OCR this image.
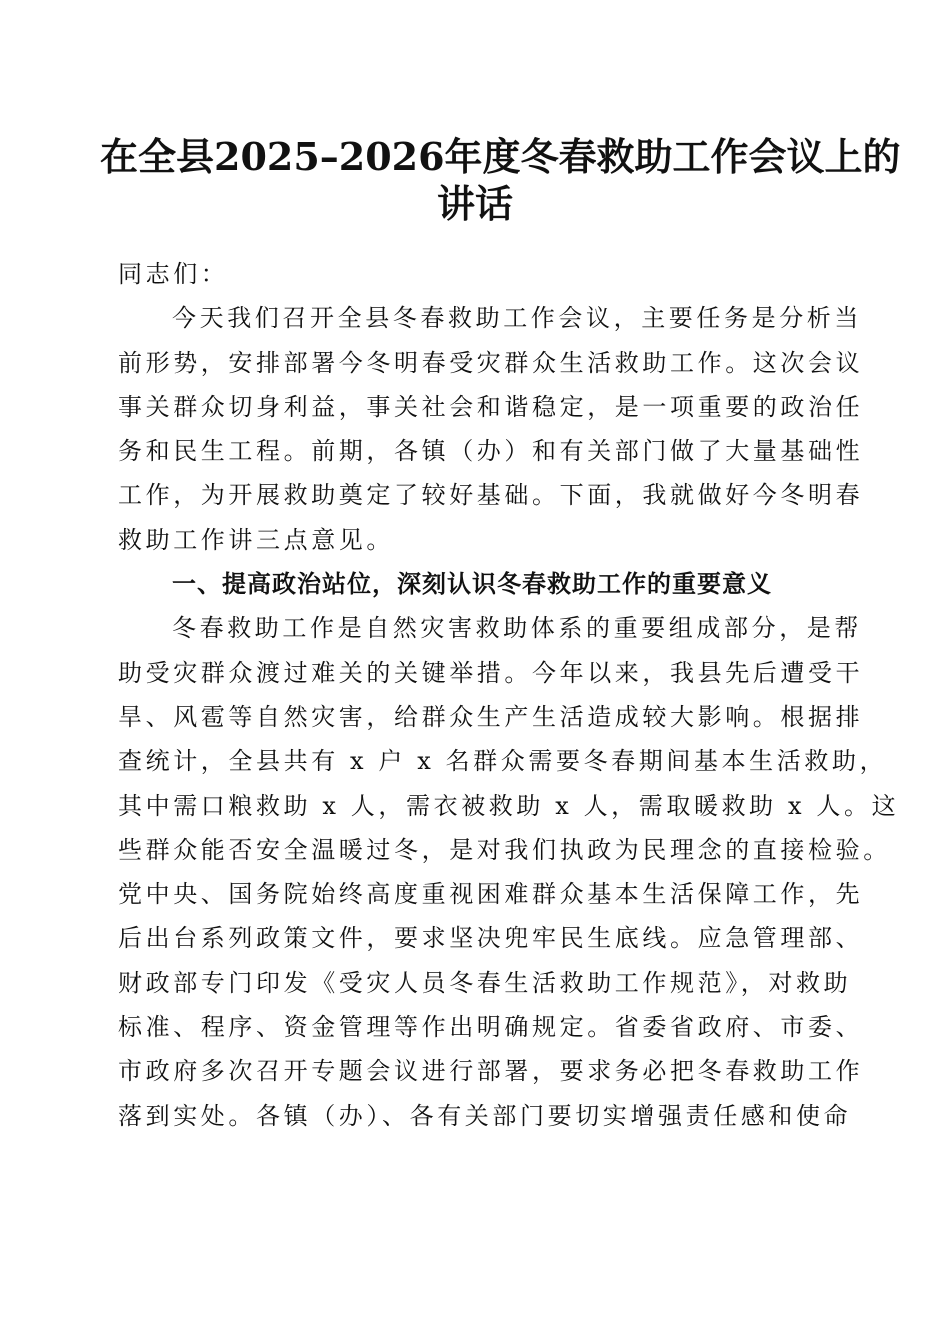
在全县2025–2026年度冬春救助工作会议上的
讲话
同志们：
今天我们召开全县冬春救助工作会议，主要任务是分析当
前形势，安排部署今冬明春受灾群众生活救助工作。这次会议
事关群众切身利益，事关社会和谐稳定，是一项重要的政治任
务和民生工程。前期，各镇（办）和有关部门做了大量基础性
工作，为开展救助奠定了较好基础。下面，我就做好今冬明春
救助工作讲三点意见。
一、提高政治站位，深刻认识冬春救助工作的重要意义
冬春救助工作是自然灾害救助体系的重要组成部分，是帮
助受灾群众渡过难关的关键举措。今年以来，我县先后遭受干
旱、风雹等自然灾害，给群众生产生活造成较大影响。根据排
查统计，全县共有 x 户 x 名群众需要冬春期间基本生活救助，
其中需口粮救助 x 人，需衣被救助 x 人，需取暖救助 x 人。这
些群众能否安全温暖过冬，是对我们执政为民理念的直接检验。
党中央、国务院始终高度重视困难群众基本生活保障工作，先
后出台系列政策文件，要求坚决兜牢民生底线。应急管理部、
财政部专门印发《受灾人员冬春生活救助工作规范》，对救助
标准、程序、资金管理等作出明确规定。省委省政府、市委、
市政府多次召开专题会议进行部署，要求务必把冬春救助工作
落到实处。各镇（办）、各有关部门要切实增强责任感和使命
